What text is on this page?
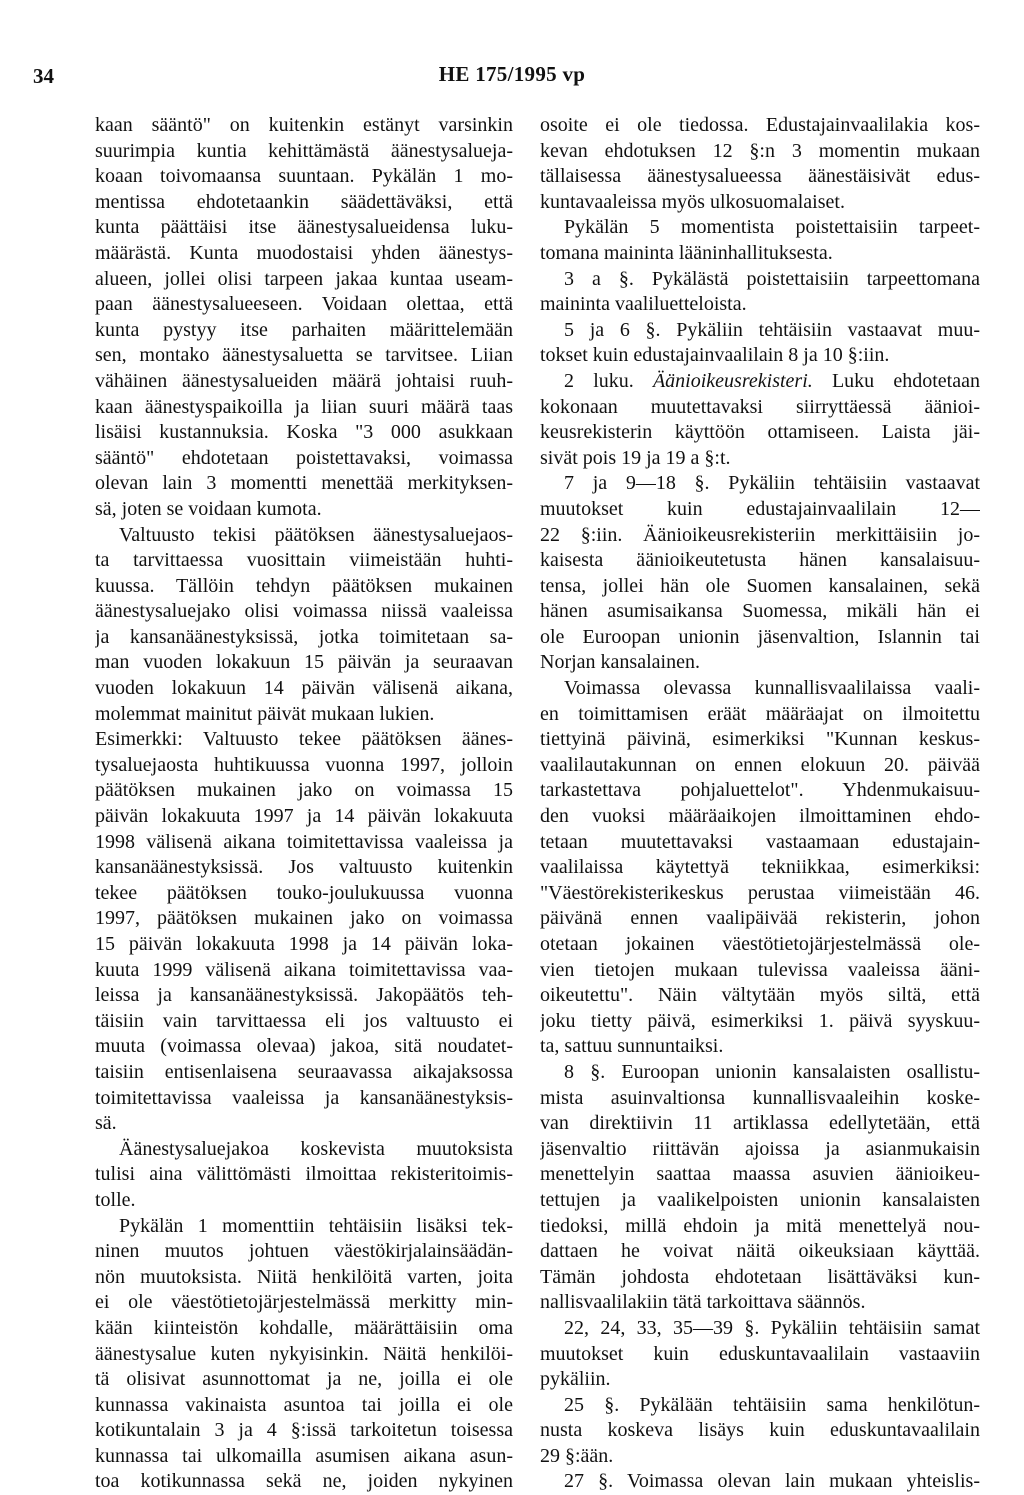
34	HE 175/1995 vp
kaan sääntö" on kuitenkin estänyt varsinkin
suurimpia kuntia kehittämästä äänestysalueja-
koaan toivomaansa suuntaan. Pykälän 1 mo-
mentissa ehdotetaankin säädettäväksi, että
kunta päättäisi itse äänestysalueidensa luku-
määrästä. Kunta muodostaisi yhden äänestys-
alueen, jollei olisi tarpeen jakaa kuntaa useam-
paan äänestysalueeseen. Voidaan olettaa, että
kunta pystyy itse parhaiten määrittelemään
sen, montako äänestysaluetta se tarvitsee. Liian
vähäinen äänestysalueiden määrä johtaisi ruuh-
kaan äänestyspaikoilla ja liian suuri määrä taas
lisäisi kustannuksia. Koska "3 000 asukkaan
sääntö" ehdotetaan poistettavaksi, voimassa
olevan lain 3 momentti menettää merkityksen-
sä, joten se voidaan kumota.
Valtuusto tekisi päätöksen äänestysaluejaos-
ta tarvittaessa vuosittain viimeistään huhti-
kuussa. Tällöin tehdyn päätöksen mukainen
äänestysaluejako olisi voimassa niissä vaaleissa
ja kansanäänestyksissä, jotka toimitetaan sa-
man vuoden lokakuun 15 päivän ja seuraavan
vuoden lokakuun 14 päivän välisenä aikana,
molemmat mainitut päivät mukaan lukien.
Esimerkki: Valtuusto tekee päätöksen äänes-
tysaluejaosta huhtikuussa vuonna 1997, jolloin
päätöksen mukainen jako on voimassa 15
päivän lokakuuta 1997 ja 14 päivän lokakuuta
1998 välisenä aikana toimitettavissa vaaleissa ja
kansanäänestyksissä. Jos valtuusto kuitenkin
tekee päätöksen touko-joulukuussa vuonna
1997, päätöksen mukainen jako on voimassa
15 päivän lokakuuta 1998 ja 14 päivän loka-
kuuta 1999 välisenä aikana toimitettavissa vaa-
leissa ja kansanäänestyksissä. Jakopäätös teh-
täisiin vain tarvittaessa eli jos valtuusto ei
muuta (voimassa olevaa) jakoa, sitä noudatet-
taisiin entisenlaisena seuraavassa aikajaksossa
toimitettavissa vaaleissa ja kansanäänestyksis-
sä.
Äänestysaluejakoa koskevista muutoksista
tulisi aina välittömästi ilmoittaa rekisteritoimis-
tolle.
Pykälän 1 momenttiin tehtäisiin lisäksi tek-
ninen muutos johtuen väestökirjalainsäädän-
nön muutoksista. Niitä henkilöitä varten, joita
ei ole väestötietojärjestelmässä merkitty min-
kään kiinteistön kohdalle, määrättäisiin oma
äänestysalue kuten nykyisinkin. Näitä henkilöi-
tä olisivat asunnottomat ja ne, joilla ei ole
kunnassa vakinaista asuntoa tai joilla ei ole
kotikuntalain 3 ja 4 §:issä tarkoitetun toisessa
kunnassa tai ulkomailla asumisen aikana asun-
toa kotikunnassa sekä ne, joiden nykyinen
osoite ei ole tiedossa. Edustajainvaalilakia kos-
kevan ehdotuksen 12 §:n 3 momentin mukaan
tällaisessa äänestysalueessa äänestäisivät edus-
kuntavaaleissa myös ulkosuomalaiset.
Pykälän 5 momentista poistettaisiin tarpeet-
tomana maininta lääninhallituksesta.
3 a §. Pykälästä poistettaisiin tarpeettomana
maininta vaaliluetteloista.
5 ja 6 §. Pykäliin tehtäisiin vastaavat muu-
tokset kuin edustajainvaalilain 8 ja 10 §:iin.
2 luku. Äänioikeusrekisteri. Luku ehdotetaan
kokonaan muutettavaksi siirryttäessä äänioi-
keusrekisterin käyttöön ottamiseen. Laista jäi-
sivät pois 19 ja 19 a §:t.
7 ja 9—18 §. Pykäliin tehtäisiin vastaavat
muutokset kuin edustajainvaalilain 12—
22 §:iin. Äänioikeusrekisteriin merkittäisiin jo-
kaisesta äänioikeutetusta hänen kansalaisuu-
tensa, jollei hän ole Suomen kansalainen, sekä
hänen asumisaikansa Suomessa, mikäli hän ei
ole Euroopan unionin jäsenvaltion, Islannin tai
Norjan kansalainen.
Voimassa olevassa kunnallisvaalilaissa vaali-
en toimittamisen eräät määräajat on ilmoitettu
tiettyinä päivinä, esimerkiksi "Kunnan keskus-
vaalilautakunnan on ennen elokuun 20. päivää
tarkastettava pohjaluettelot". Yhdenmukaisuu-
den vuoksi määräaikojen ilmoittaminen ehdo-
tetaan muutettavaksi vastaamaan edustajain-
vaalilaissa käytettyä tekniikkaa, esimerkiksi:
"Väestörekisterikeskus perustaa viimeistään 46.
päivänä ennen vaalipäivää rekisterin, johon
otetaan jokainen väestötietojärjestelmässä ole-
vien tietojen mukaan tulevissa vaaleissa ääni-
oikeutettu". Näin vältytään myös siltä, että
joku tietty päivä, esimerkiksi 1. päivä syyskuu-
ta, sattuu sunnuntaiksi.
8 §. Euroopan unionin kansalaisten osallistu-
mista asuinvaltionsa kunnallisvaaleihin koske-
van direktiivin 11 artiklassa edellytetään, että
jäsenvaltio riittävän ajoissa ja asianmukaisin
menettelyin saattaa maassa asuvien äänioikeu-
tettujen ja vaalikelpoisten unionin kansalaisten
tiedoksi, millä ehdoin ja mitä menettelyä nou-
dattaen he voivat näitä oikeuksiaan käyttää.
Tämän johdosta ehdotetaan lisättäväksi kun-
nallisvaalilakiin tätä tarkoittava säännös.
22, 24, 33, 35—39 §. Pykäliin tehtäisiin samat
muutokset kuin eduskuntavaalilain vastaaviin
pykäliin.
25 §. Pykälään tehtäisiin sama henkilötun-
nusta koskeva lisäys kuin eduskuntavaalilain
29 §:ään.
27 §. Voimassa olevan lain mukaan yhteislis-
